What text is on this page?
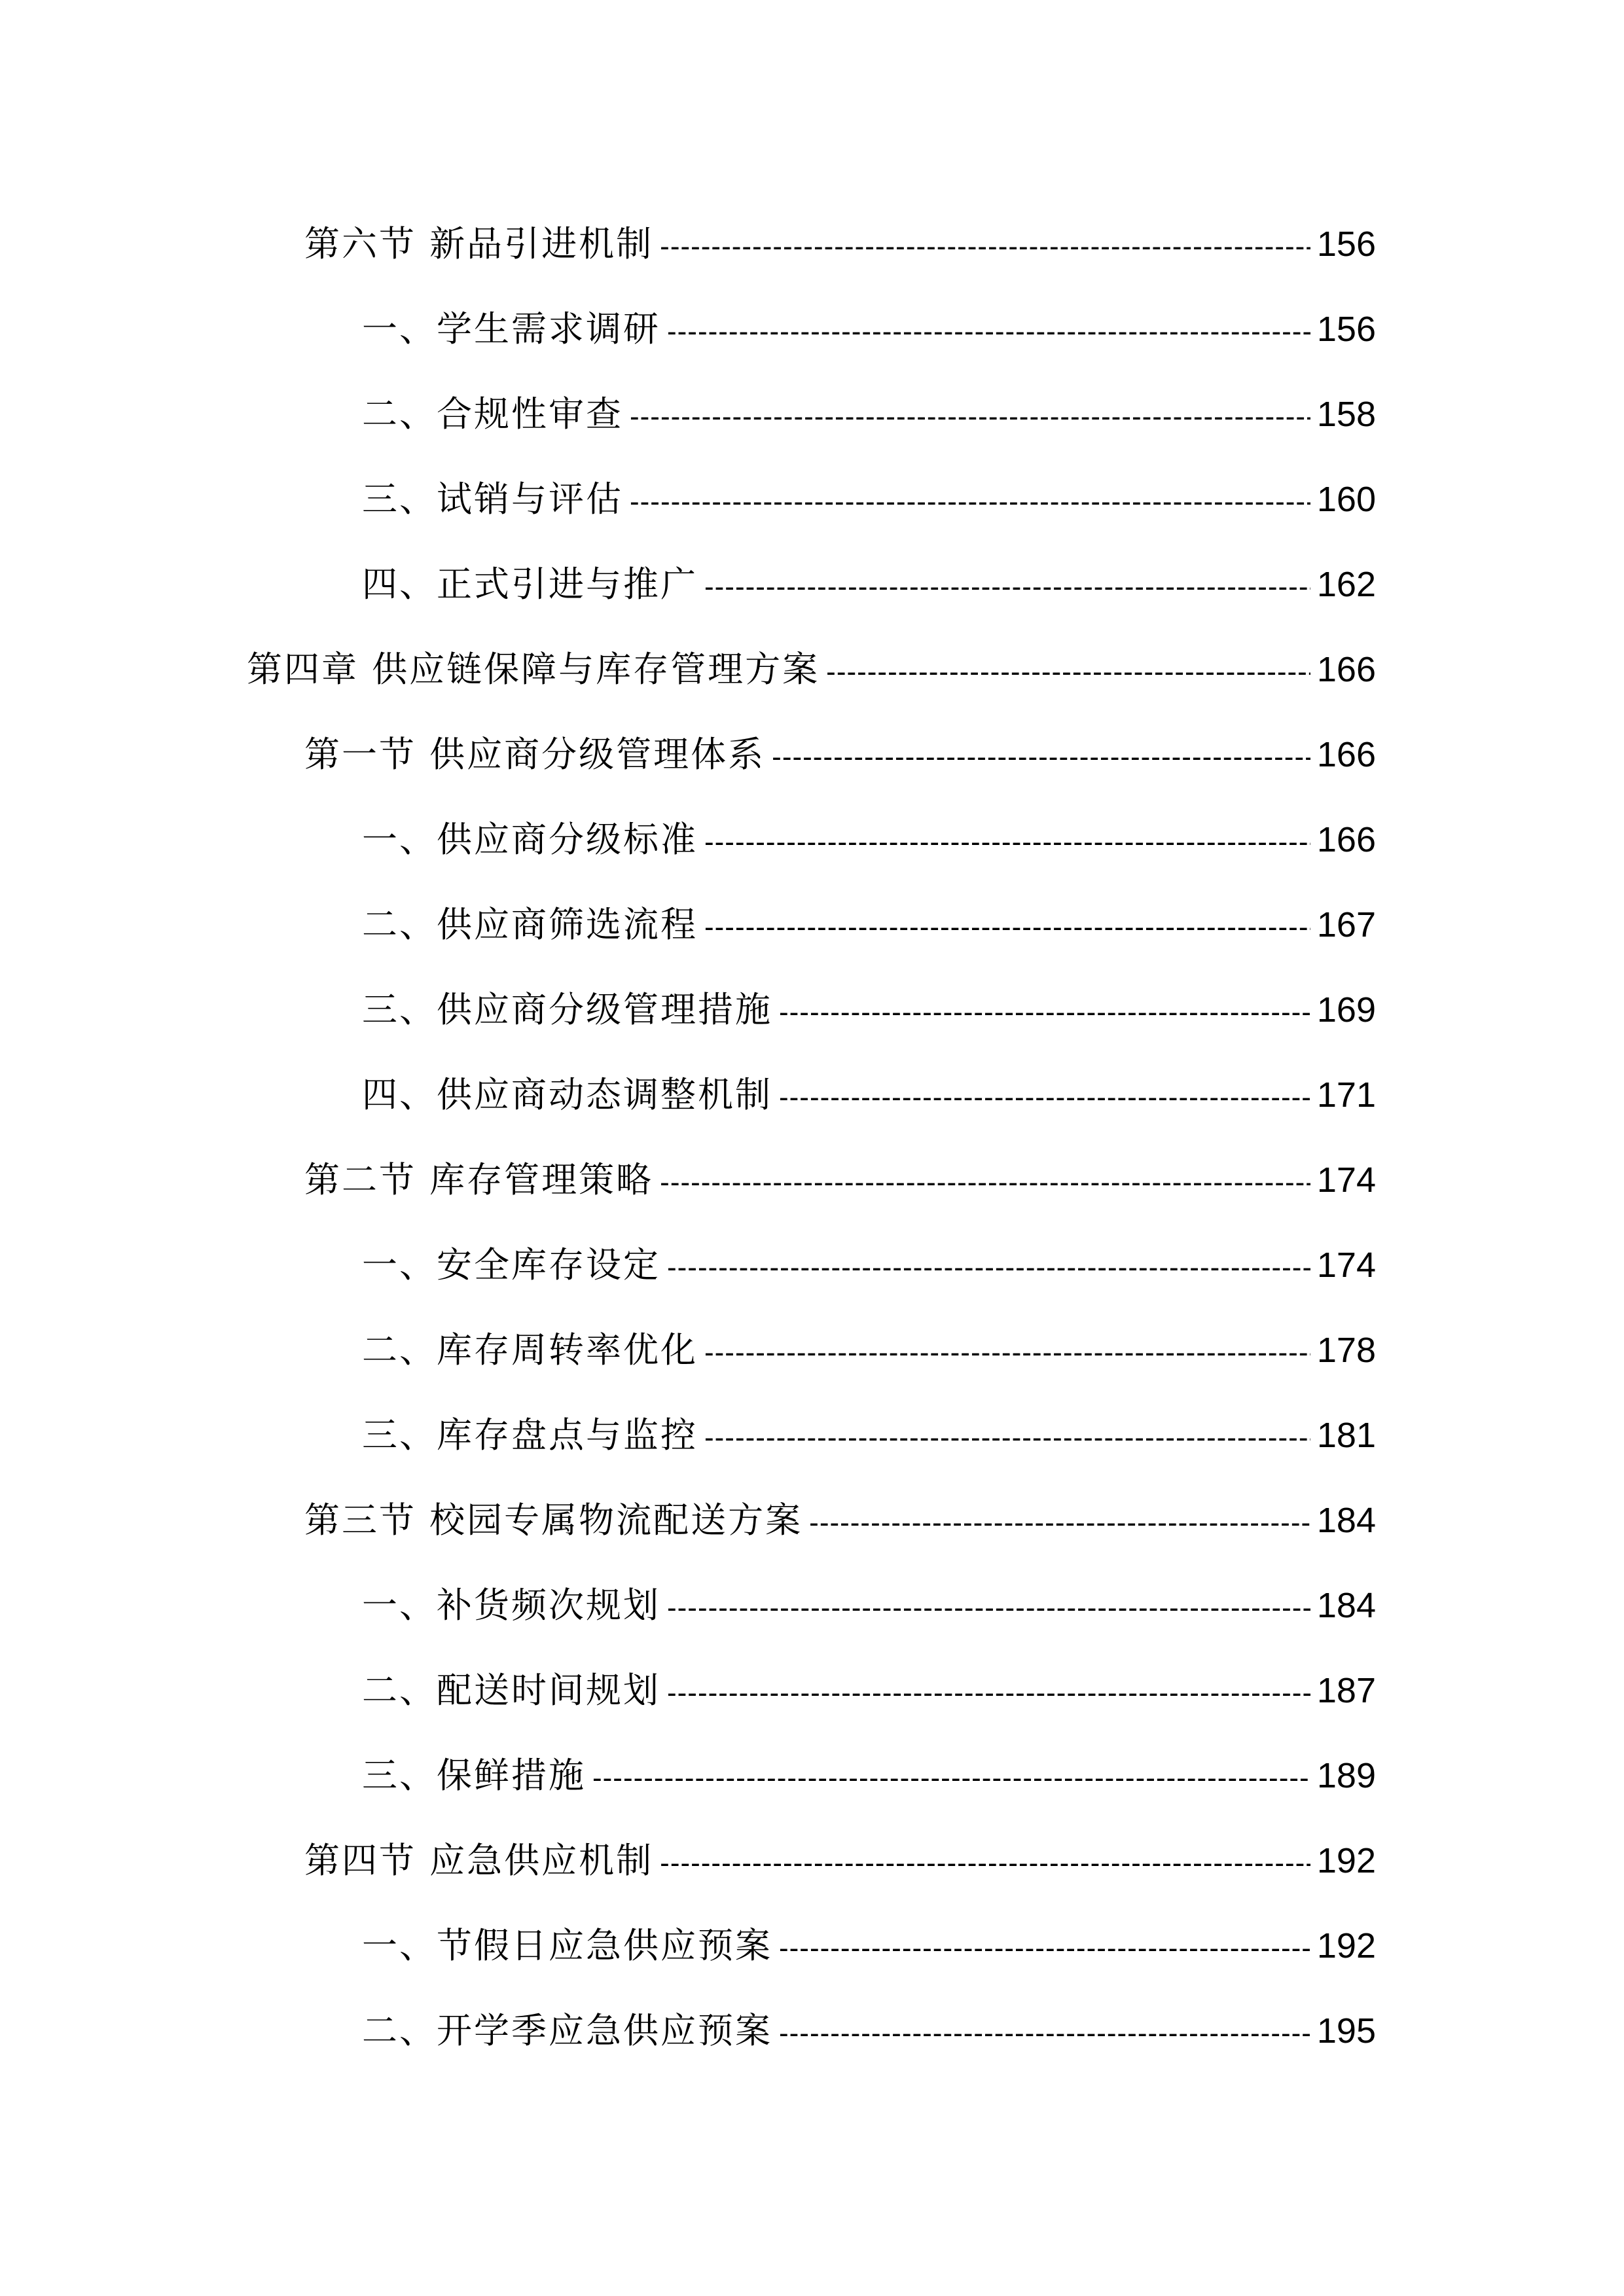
第六节 新品引进机制 -----	156
一、学生需求调研 -----	156
二、合规性审查 -----	158
三、试销与评估 -----	160
四、正式引进与推广 -----	162
第四章 供应链保障与库存管理方案 -----	166
第一节 供应商分级管理体系 -----	166
一、供应商分级标准 -----	166
二、供应商筛选流程 -----	167
三、供应商分级管理措施 -----	169
四、供应商动态调整机制 -----	171
第二节 库存管理策略 -----	174
一、安全库存设定 -----	174
二、库存周转率优化 -----	178
三、库存盘点与监控 -----	181
第三节 校园专属物流配送方案 -----	184
一、补货频次规划 -----	184
二、配送时间规划 -----	187
三、保鲜措施 -----	189
第四节 应急供应机制 -----	192
一、节假日应急供应预案 -----	192
二、开学季应急供应预案 -----	195
